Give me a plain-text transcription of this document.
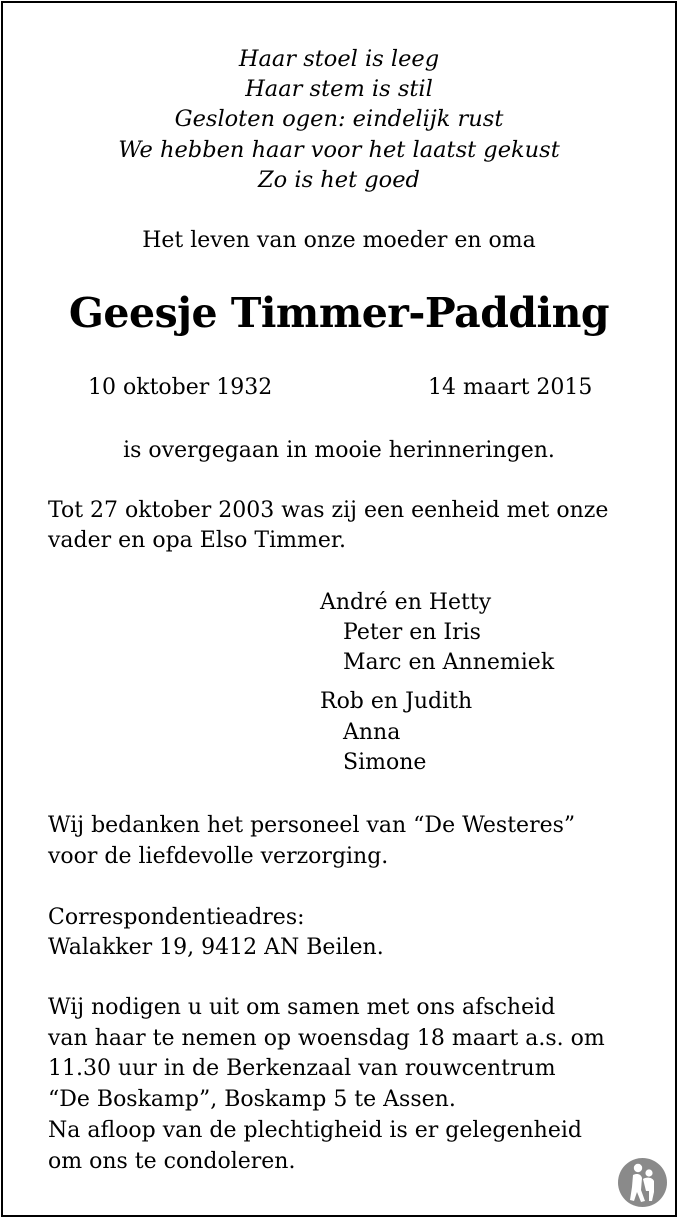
Haar stoel is leeg

Haar stem is stil

Gesloten ogen: eindelijk rust

We hebben haar voor het laatst gekust

Zo is het goed

Het leven van onze moeder en oma

Geesje Timmer-Padding

10 oktober 1932	14 maart 2015

is overgegaan in mooie herinneringen.

Tot 27 oktober 2003 was zij een eenheid met onze

vader en opa Elso Timmer.

André en Hetty

Peter en Iris

Marc en Annemiek

Rob en Judith

Anna

Simone

Wij bedanken het personeel van “De Westeres”

voor de liefdevolle verzorging.

Correspondentieadres:

Walakker 19, 9412 AN Beilen.

Wij nodigen u uit om samen met ons afscheid

van haar te nemen op woensdag 18 maart a.s. om

11.30 uur in de Berkenzaal van rouwcentrum

“De Boskamp”, Boskamp 5 te Assen.

Na afloop van de plechtigheid is er gelegenheid

om ons te condoleren.
